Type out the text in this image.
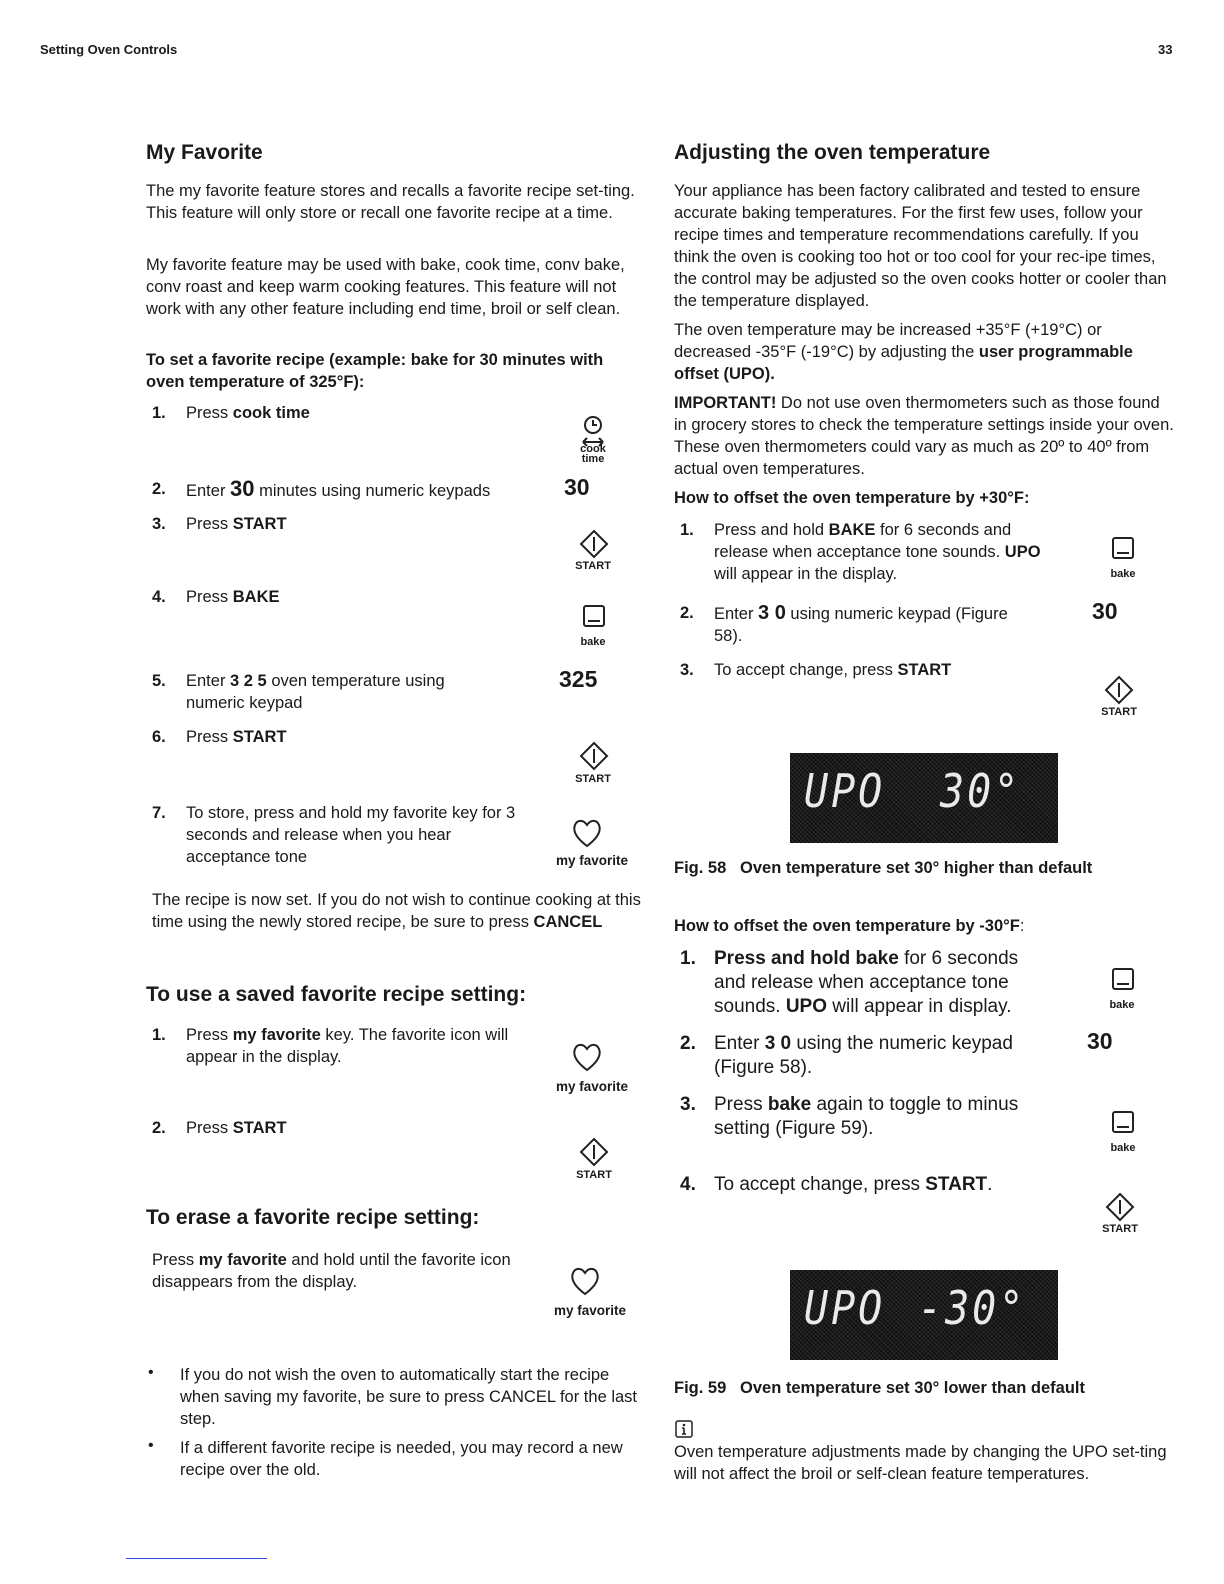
Setting Oven Controls	33
My Favorite

The my favorite feature stores and recalls a favorite recipe set-ting. This feature will only store or recall one favorite recipe at a time.

My favorite feature may be used with bake, cook time, conv bake, conv roast and keep warm cooking features. This feature will not work with any other feature including end time, broil or self clean.

To set a favorite recipe (example: bake for 30 minutes with oven temperature of 325°F):

1. Press cook time
cook
time
2. Enter 30 minutes using numeric keypads	30
3. Press START
START
4. Press BAKE
bake
5. Enter 3 2 5 oven temperature using numeric keypad
325
6. Press START
START
7. To store, press and hold my favorite key for 3 seconds and release when you hear acceptance tone	my favorite

The recipe is now set. If you do not wish to continue cooking at this time using the newly stored recipe, be sure to press CANCEL

To use a saved favorite recipe setting:
1. Press my favorite key. The favorite icon will appear in the display.
my favorite
2. Press START
START
To erase a favorite recipe setting:

Press my favorite and hold until the favorite icon disappears from the display.

my favorite
• If you do not wish the oven to automatically start the recipe when saving my favorite, be sure to press CANCEL for the last step.

• If a different favorite recipe is needed, you may record a new recipe over the old.

Adjusting the oven temperature

Your appliance has been factory calibrated and tested to ensure accurate baking temperatures. For the first few uses, follow your recipe times and temperature recommendations carefully. If you think the oven is cooking too hot or too cool for your rec-ipe times, the control may be adjusted so the oven cooks hotter or cooler than the temperature displayed.

The oven temperature may be increased +35°F (+19°C) or decreased -35°F (-19°C) by adjusting the user programmable offset (UPO).

IMPORTANT! Do not use oven thermometers such as those found in grocery stores to check the temperature settings inside your oven. These oven thermometers could vary as much as 20º to 40º from actual oven temperatures.

How to offset the oven temperature by +30°F:

1. Press and hold BAKE for 6 seconds and release when acceptance tone sounds. UPO will appear in the display.	bake
2. Enter 3 0 using numeric keypad (Figure 58).
30
3. To accept change, press START
START
UPO 30°
Fig. 58 Oven temperature set 30° higher than default
How to offset the oven temperature by -30°F:
1. Press and hold bake for 6 seconds and release when acceptance tone sounds. UPO will appear in display.	bake
2. Enter 3 0 using the numeric keypad (Figure 58).
30
3. Press bake again to toggle to minus setting (Figure 59).
bake
4. To accept change, press START.
START
UPO -30°
Fig. 59 Oven temperature set 30° lower than default

Oven temperature adjustments made by changing the UPO set-ting will not affect the broil or self-clean feature temperatures.
